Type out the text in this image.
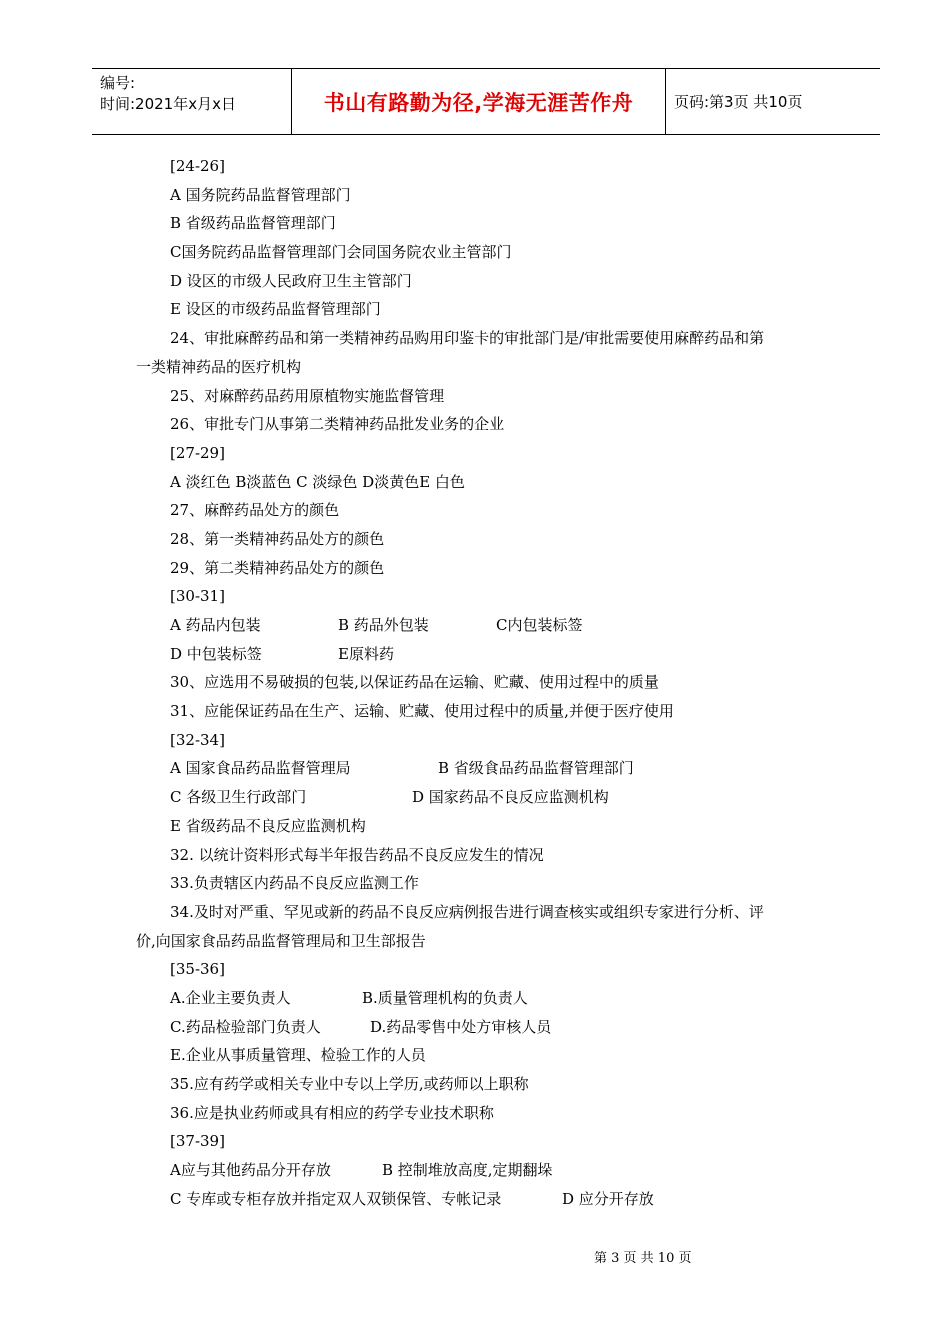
编号:
时间:2021年x月x日	书山有路勤为径,学海无涯苦作舟	页码:第3页 共10页
[24-26]
A 国务院药品监督管理部门
B 省级药品监督管理部门
C国务院药品监督管理部门会同国务院农业主管部门
D 设区的市级人民政府卫生主管部门
E 设区的市级药品监督管理部门
24、审批麻醉药品和第一类精神药品购用印鉴卡的审批部门是/审批需要使用麻醉药品和第
一类精神药品的医疗机构
25、对麻醉药品药用原植物实施监督管理
26、审批专门从事第二类精神药品批发业务的企业
[27-29]
A 淡红色 B淡蓝色 C 淡绿色 D淡黄色E 白色
27、麻醉药品处方的颜色
28、第一类精神药品处方的颜色
29、第二类精神药品处方的颜色
[30-31]
A 药品内包装	B 药品外包装	C内包装标签
D 中包装标签	E原料药
30、应选用不易破损的包装,以保证药品在运输、贮藏、使用过程中的质量
31、应能保证药品在生产、运输、贮藏、使用过程中的质量,并便于医疗使用
[32-34]
A 国家食品药品监督管理局	B 省级食品药品监督管理部门
C 各级卫生行政部门	D 国家药品不良反应监测机构
E 省级药品不良反应监测机构
32. 以统计资料形式每半年报告药品不良反应发生的情况
33.负责辖区内药品不良反应监测工作
34.及时对严重、罕见或新的药品不良反应病例报告进行调查核实或组织专家进行分析、评
价,向国家食品药品监督管理局和卫生部报告
[35-36]
A.企业主要负责人	B.质量管理机构的负责人
C.药品检验部门负责人	D.药品零售中处方审核人员
E.企业从事质量管理、检验工作的人员
35.应有药学或相关专业中专以上学历,或药师以上职称
36.应是执业药师或具有相应的药学专业技术职称
[37-39]
A应与其他药品分开存放	B 控制堆放高度,定期翻垛
C 专库或专柜存放并指定双人双锁保管、专帐记录	D 应分开存放
第 3 页 共 10 页
